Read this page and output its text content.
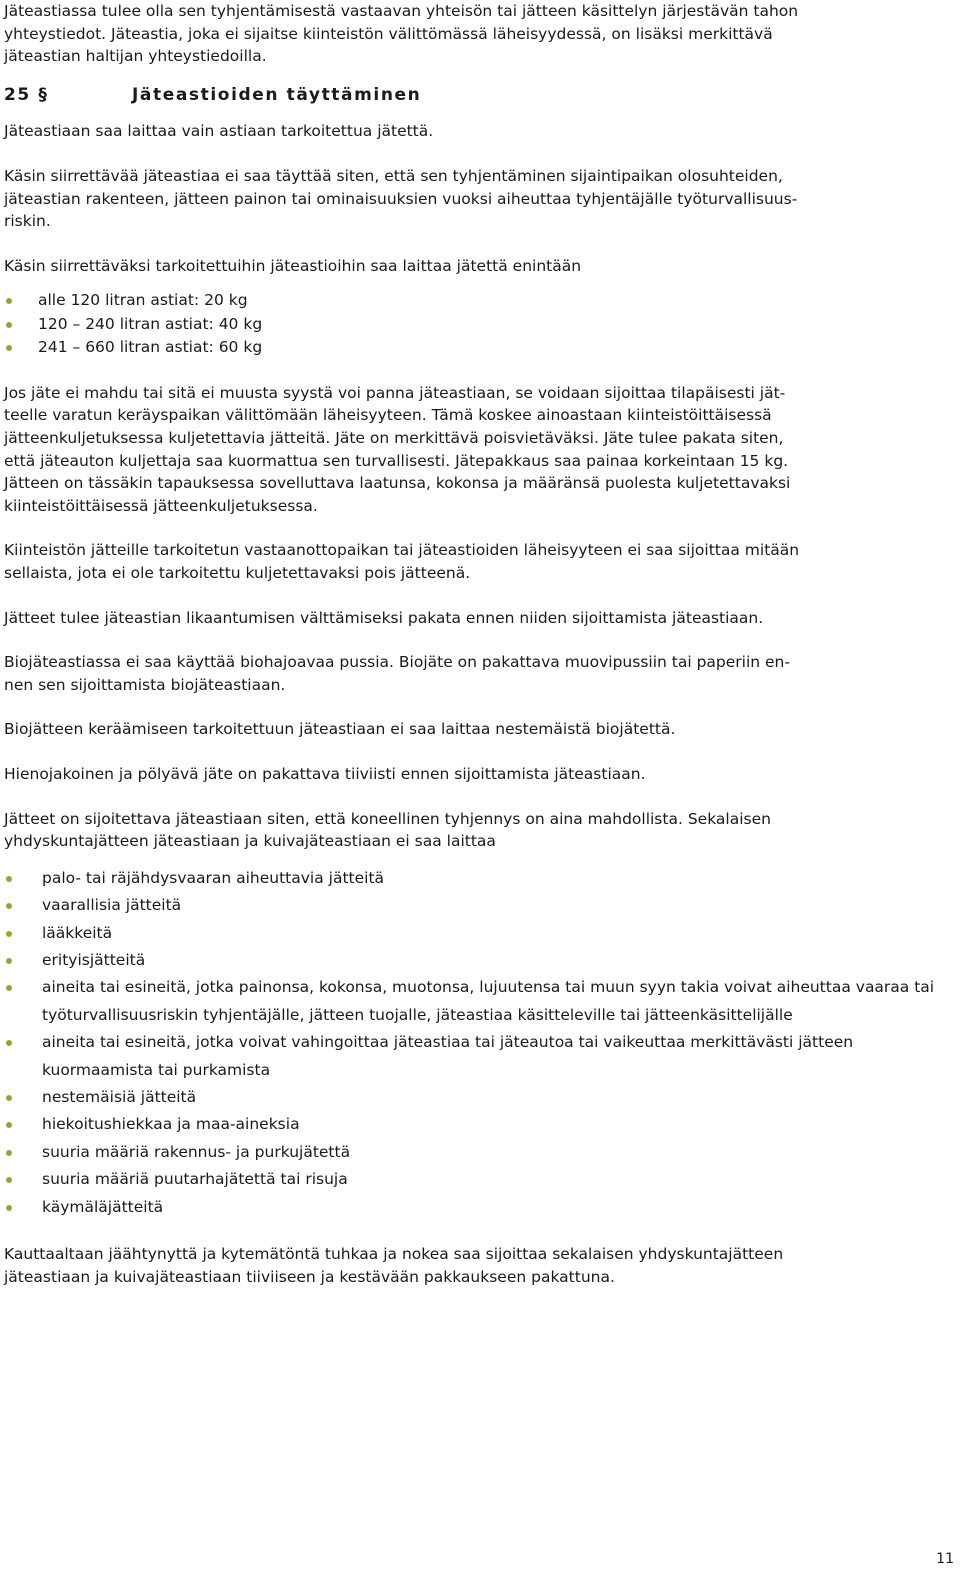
Jäteastiassa tulee olla sen tyhjentämisestä vastaavan yhteisön tai jätteen käsittelyn järjestävän tahon
yhteystiedot. Jäteastia, joka ei sijaitse kiinteistön välittömässä läheisyydessä, on lisäksi merkittävä
jäteastian haltijan yhteystiedoilla.

25 §	Jäteastioiden täyttäminen

Jäteastiaan saa laittaa vain astiaan tarkoitettua jätettä.

Käsin siirrettävää jäteastiaa ei saa täyttää siten, että sen tyhjentäminen sijaintipaikan olosuhteiden,
jäteastian rakenteen, jätteen painon tai ominaisuuksien vuoksi aiheuttaa tyhjentäjälle työturvallisuus-
riskin.

Käsin siirrettäväksi tarkoitettuihin jäteastioihin saa laittaa jätettä enintään

alle 120 litran astiat: 20 kg
120 – 240 litran astiat: 40 kg
241 – 660 litran astiat: 60 kg

Jos jäte ei mahdu tai sitä ei muusta syystä voi panna jäteastiaan, se voidaan sijoittaa tilapäisesti jät-
teelle varatun keräyspaikan välittömään läheisyyteen. Tämä koskee ainoastaan kiinteistöittäisessä
jätteenkuljetuksessa kuljetettavia jätteitä. Jäte on merkittävä poisvietäväksi. Jäte tulee pakata siten,
että jäteauton kuljettaja saa kuormattua sen turvallisesti. Jätepakkaus saa painaa korkeintaan 15 kg.
Jätteen on tässäkin tapauksessa sovelluttava laatunsa, kokonsa ja määränsä puolesta kuljetettavaksi
kiinteistöittäisessä jätteenkuljetuksessa.

Kiinteistön jätteille tarkoitetun vastaanottopaikan tai jäteastioiden läheisyyteen ei saa sijoittaa mitään
sellaista, jota ei ole tarkoitettu kuljetettavaksi pois jätteenä.

Jätteet tulee jäteastian likaantumisen välttämiseksi pakata ennen niiden sijoittamista jäteastiaan.

Biojäteastiassa ei saa käyttää biohajoavaa pussia. Biojäte on pakattava muovipussiin tai paperiin en-
nen sen sijoittamista biojäteastiaan.

Biojätteen keräämiseen tarkoitettuun jäteastiaan ei saa laittaa nestemäistä biojätettä.

Hienojakoinen ja pölyävä jäte on pakattava tiiviisti ennen sijoittamista jäteastiaan.

Jätteet on sijoitettava jäteastiaan siten, että koneellinen tyhjennys on aina mahdollista. Sekalaisen
yhdyskuntajätteen jäteastiaan ja kuivajäteastiaan ei saa laittaa

palo- tai räjähdysvaaran aiheuttavia jätteitä
vaarallisia jätteitä
lääkkeitä
erityisjätteitä
aineita tai esineitä, jotka painonsa, kokonsa, muotonsa, lujuutensa tai muun syyn takia voivat aiheuttaa vaaraa tai työturvallisuusriskin tyhjentäjälle, jätteen tuojalle, jäteastiaa käsitteleville tai jätteenkäsittelijälle
aineita tai esineitä, jotka voivat vahingoittaa jäteastiaa tai jäteautoa tai vaikeuttaa merkittävästi jätteen kuormaamista tai purkamista
nestemäisiä jätteitä
hiekoitushiekkaa ja maa-aineksia
suuria määriä rakennus- ja purkujätettä
suuria määriä puutarhajätettä tai risuja
käymäläjätteitä

Kauttaaltaan jäähtynyttä ja kytemätöntä tuhkaa ja nokea saa sijoittaa sekalaisen yhdyskuntajätteen
jäteastiaan ja kuivajäteastiaan tiiviiseen ja kestävään pakkaukseen pakattuna.

11
